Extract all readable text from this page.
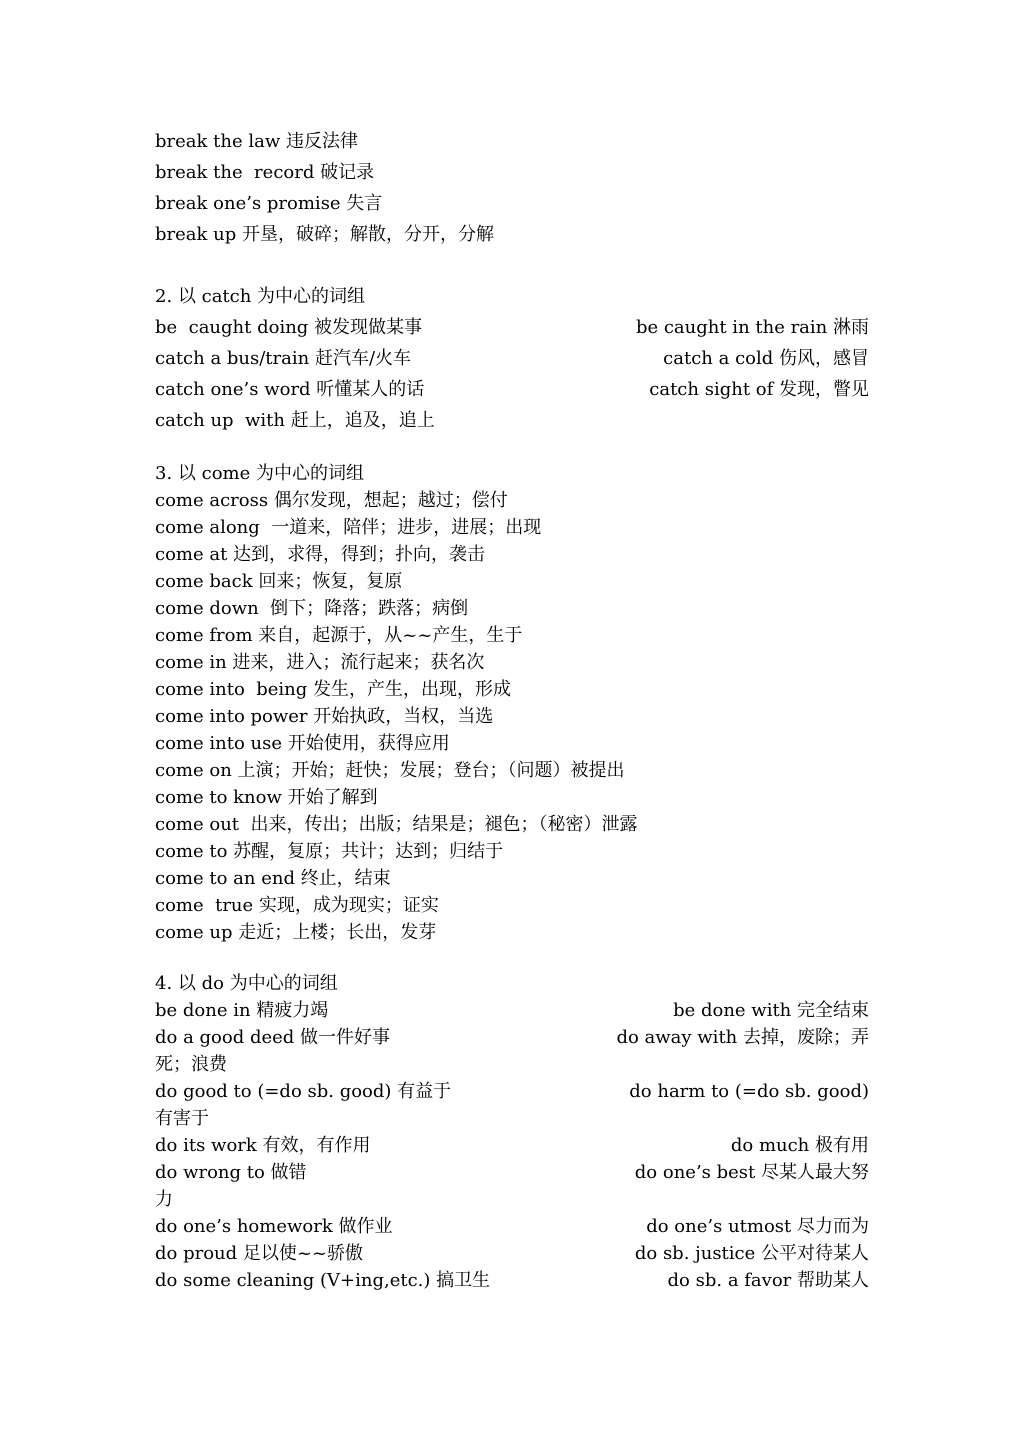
break the law 违反法律
break the  record 破记录
break one’s promise 失言
break up 开垦，破碎；解散，分开，分解
2. 以 catch 为中心的词组
be  caught doing 被发现做某事	be caught in the rain 淋雨
catch a bus/train 赶汽车/火车	catch a cold 伤风，感冒
catch one’s word 听懂某人的话	catch sight of 发现，瞥见
catch up  with 赶上，追及，追上
3. 以 come 为中心的词组
come across 偶尔发现，想起；越过；偿付
come along  一道来，陪伴；进步，进展；出现
come at 达到，求得，得到；扑向，袭击
come back 回来；恢复，复原
come down  倒下；降落；跌落；病倒
come from 来自，起源于，从~~产生，生于
come in 进来，进入；流行起来；获名次
come into  being 发生，产生，出现，形成
come into power 开始执政，当权，当选
come into use 开始使用，获得应用
come on 上演；开始；赶快；发展；登台；（问题）被提出
come to know 开始了解到
come out  出来，传出；出版；结果是；褪色；（秘密）泄露
come to 苏醒，复原；共计；达到；归结于
come to an end 终止，结束
come  true 实现，成为现实；证实
come up 走近；上楼；长出，发芽
4. 以 do 为中心的词组
be done in 精疲力竭	be done with 完全结束
do a good deed 做一件好事	do away with 去掉，废除；弄
死；浪费
do good to (=do sb. good) 有益于	do harm to (=do sb. good)
有害于
do its work 有效，有作用	do much 极有用
do wrong to 做错	do one’s best 尽某人最大努
力
do one’s homework 做作业	do one’s utmost 尽力而为
do proud 足以使~~骄傲	do sb. justice 公平对待某人
do some cleaning (V+ing,etc.) 搞卫生	do sb. a favor 帮助某人
